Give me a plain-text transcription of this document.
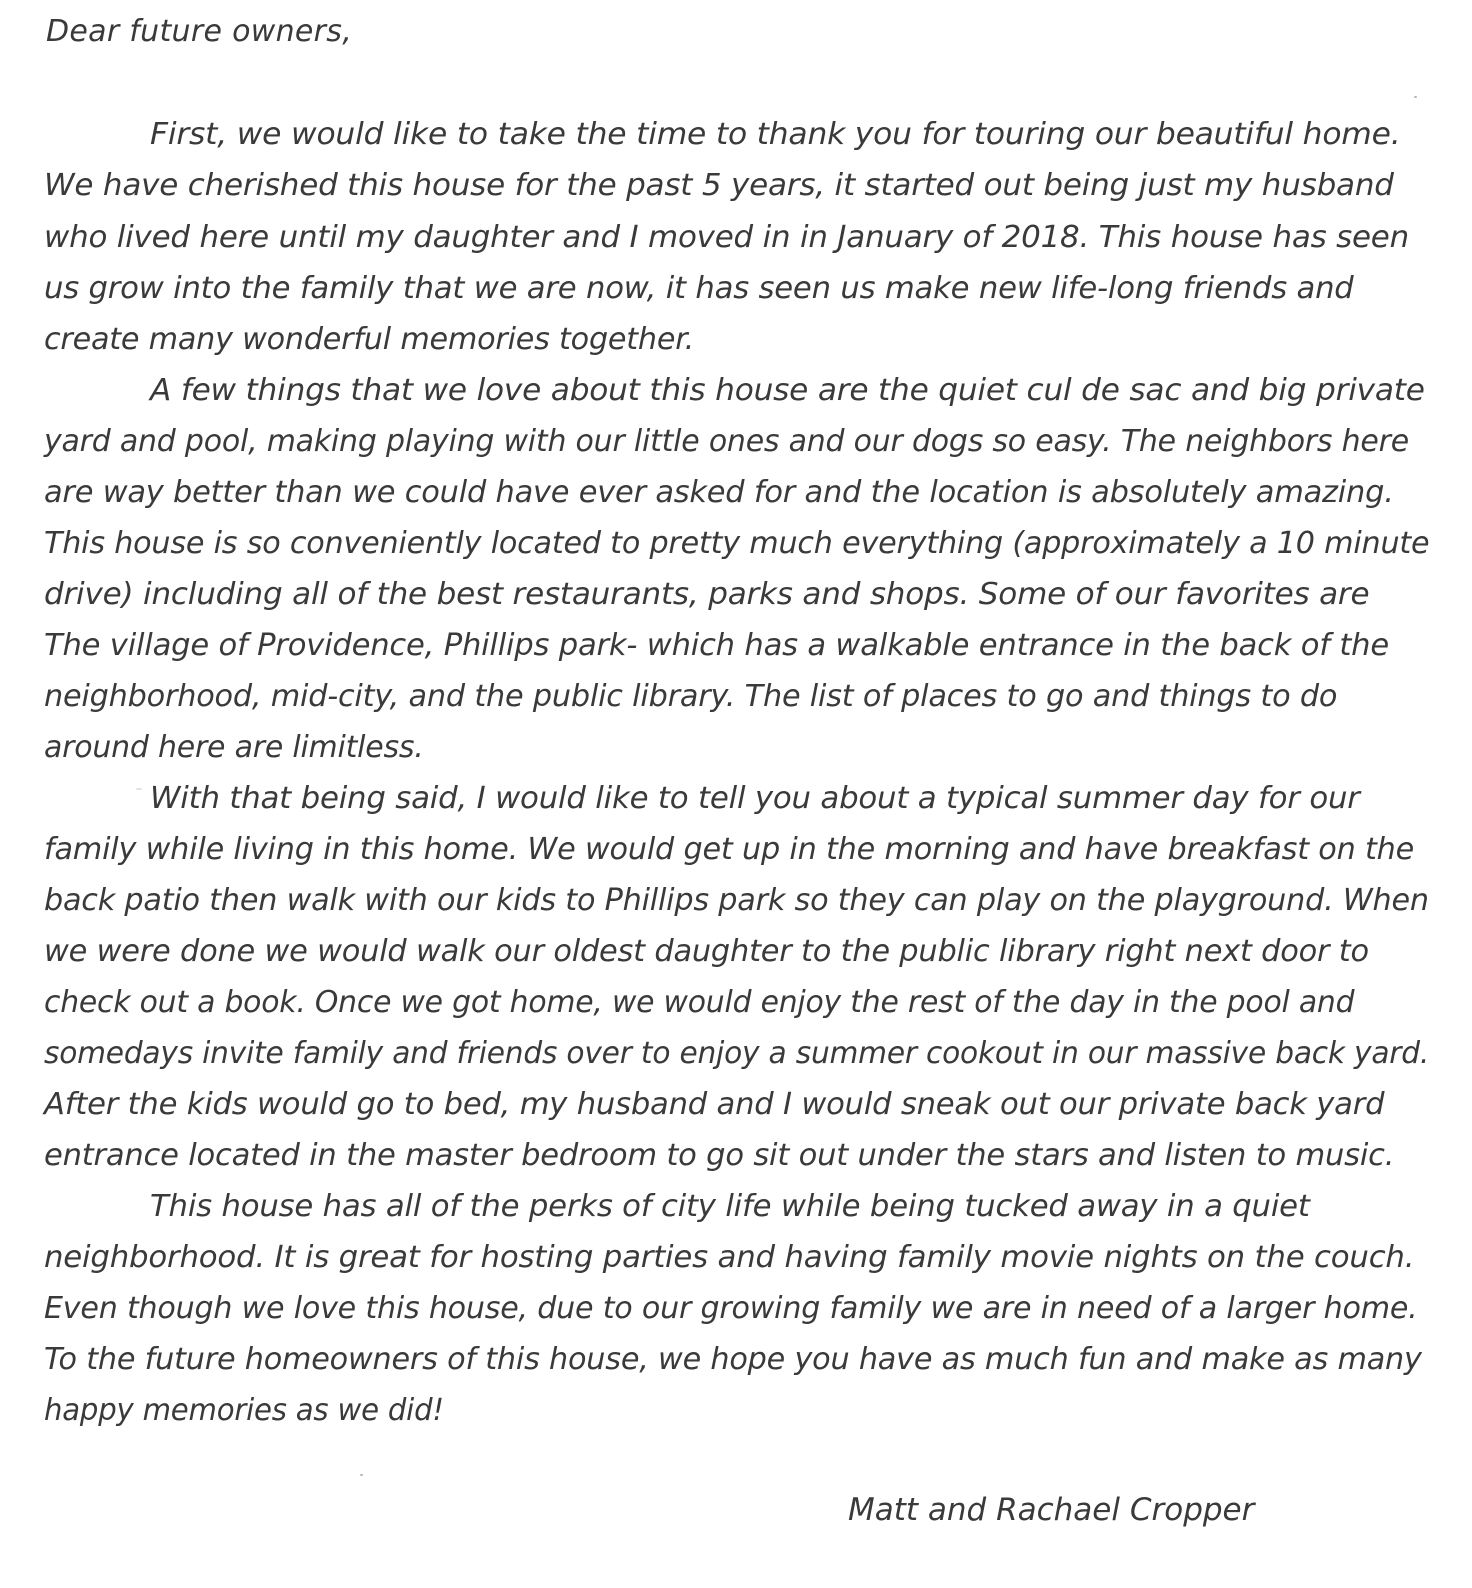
Dear future owners,
First, we would like to take the time to thank you for touring our beautiful home.
We have cherished this house for the past 5 years, it started out being just my husband
who lived here until my daughter and I moved in in January of 2018. This house has seen
us grow into the family that we are now, it has seen us make new life-long friends and
create many wonderful memories together.
A few things that we love about this house are the quiet cul de sac and big private
yard and pool, making playing with our little ones and our dogs so easy. The neighbors here
are way better than we could have ever asked for and the location is absolutely amazing.
This house is so conveniently located to pretty much everything (approximately a 10 minute
drive) including all of the best restaurants, parks and shops. Some of our favorites are
The village of Providence, Phillips park- which has a walkable entrance in the back of the
neighborhood, mid-city, and the public library. The list of places to go and things to do
around here are limitless.
With that being said, I would like to tell you about a typical summer day for our
family while living in this home. We would get up in the morning and have breakfast on the
back patio then walk with our kids to Phillips park so they can play on the playground. When
we were done we would walk our oldest daughter to the public library right next door to
check out a book. Once we got home, we would enjoy the rest of the day in the pool and
somedays invite family and friends over to enjoy a summer cookout in our massive back yard.
After the kids would go to bed, my husband and I would sneak out our private back yard
entrance located in the master bedroom to go sit out under the stars and listen to music.
This house has all of the perks of city life while being tucked away in a quiet
neighborhood. It is great for hosting parties and having family movie nights on the couch.
Even though we love this house, due to our growing family we are in need of a larger home.
To the future homeowners of this house, we hope you have as much fun and make as many
happy memories as we did!
Matt and Rachael Cropper
